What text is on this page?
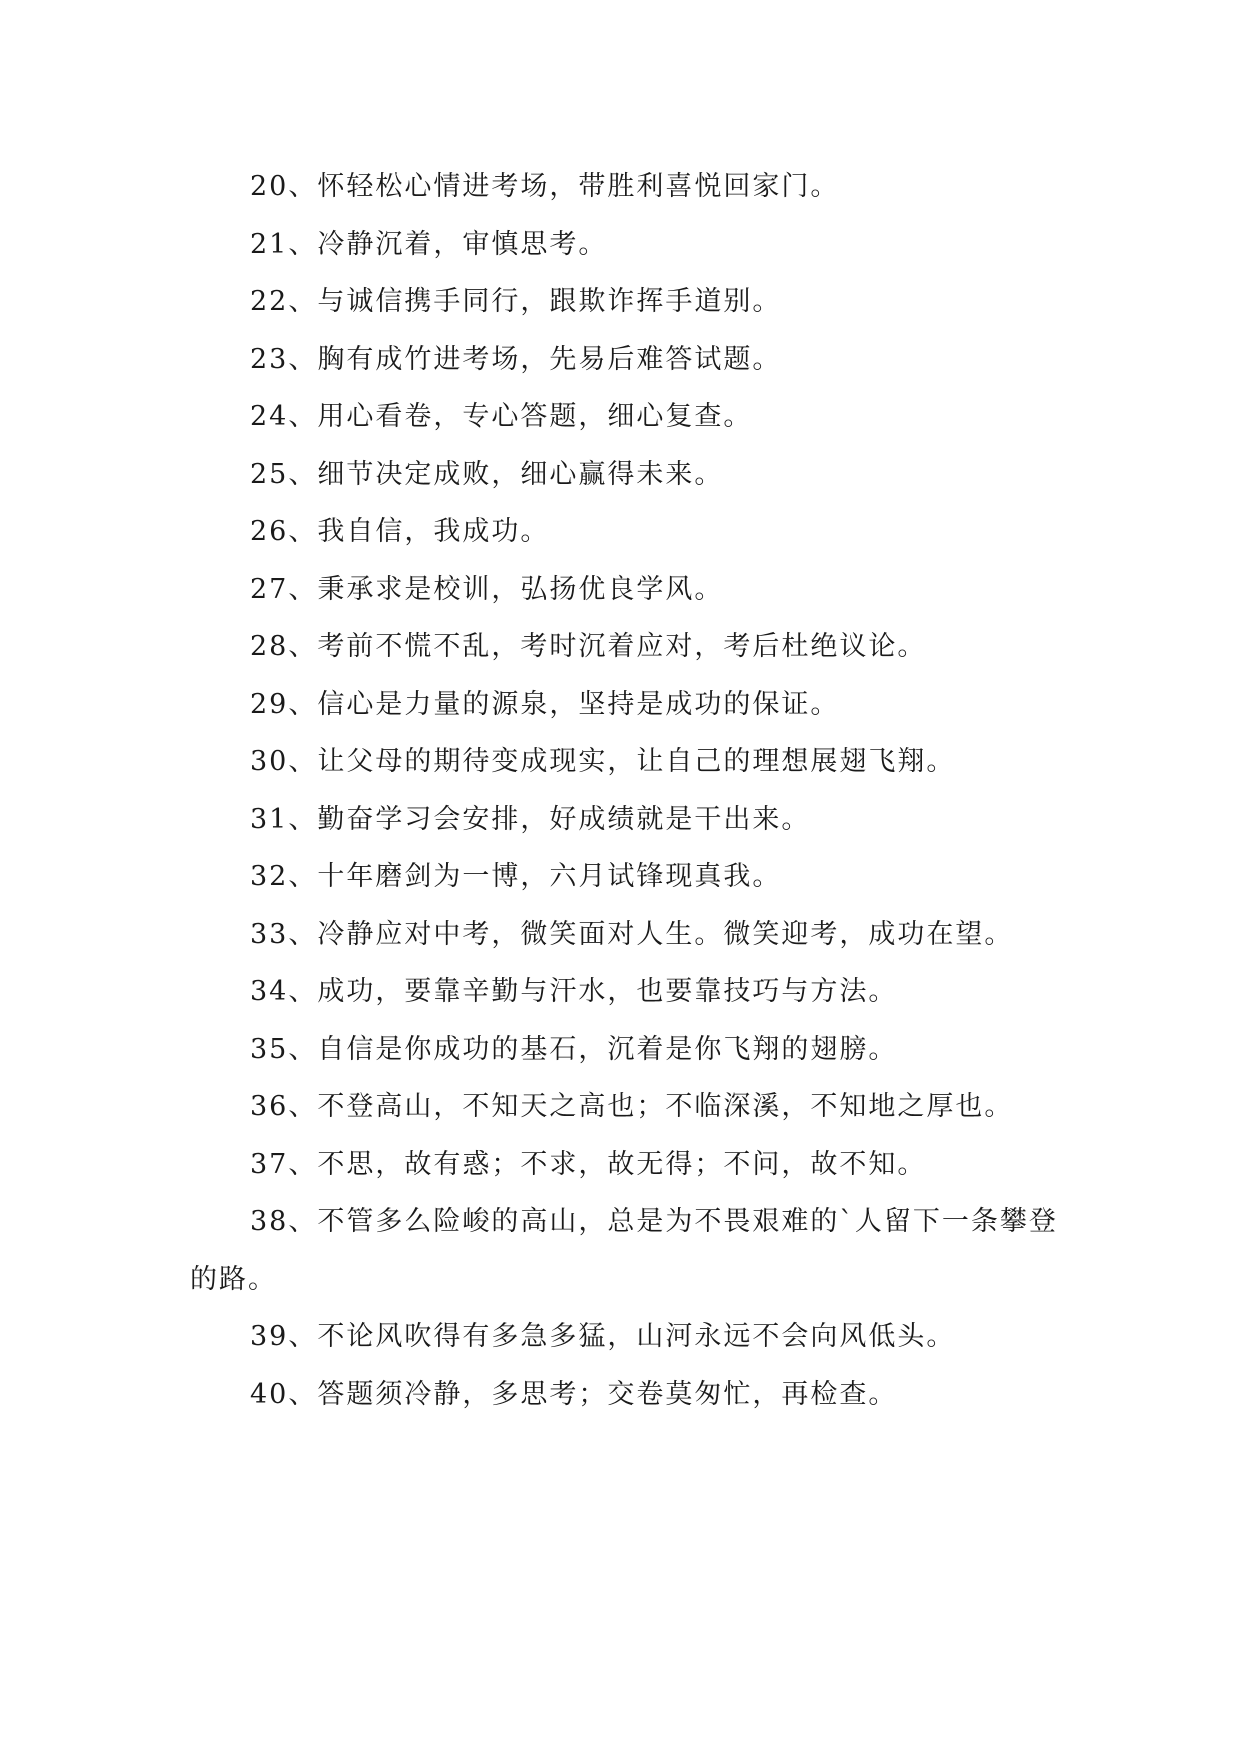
20、怀轻松心情进考场，带胜利喜悦回家门。

21、冷静沉着，审慎思考。

22、与诚信携手同行，跟欺诈挥手道别。

23、胸有成竹进考场，先易后难答试题。

24、用心看卷，专心答题，细心复查。

25、细节决定成败，细心赢得未来。

26、我自信，我成功。

27、秉承求是校训，弘扬优良学风。

28、考前不慌不乱，考时沉着应对，考后杜绝议论。

29、信心是力量的源泉，坚持是成功的保证。

30、让父母的期待变成现实，让自己的理想展翅飞翔。

31、勤奋学习会安排，好成绩就是干出来。

32、十年磨剑为一博，六月试锋现真我。

33、冷静应对中考，微笑面对人生。微笑迎考，成功在望。

34、成功，要靠辛勤与汗水，也要靠技巧与方法。

35、自信是你成功的基石，沉着是你飞翔的翅膀。

36、不登高山，不知天之高也；不临深溪，不知地之厚也。

37、不思，故有惑；不求，故无得；不问，故不知。

38、不管多么险峻的高山，总是为不畏艰难的`人留下一条攀登的路。

39、不论风吹得有多急多猛，山河永远不会向风低头。

40、答题须冷静，多思考；交卷莫匆忙，再检查。
